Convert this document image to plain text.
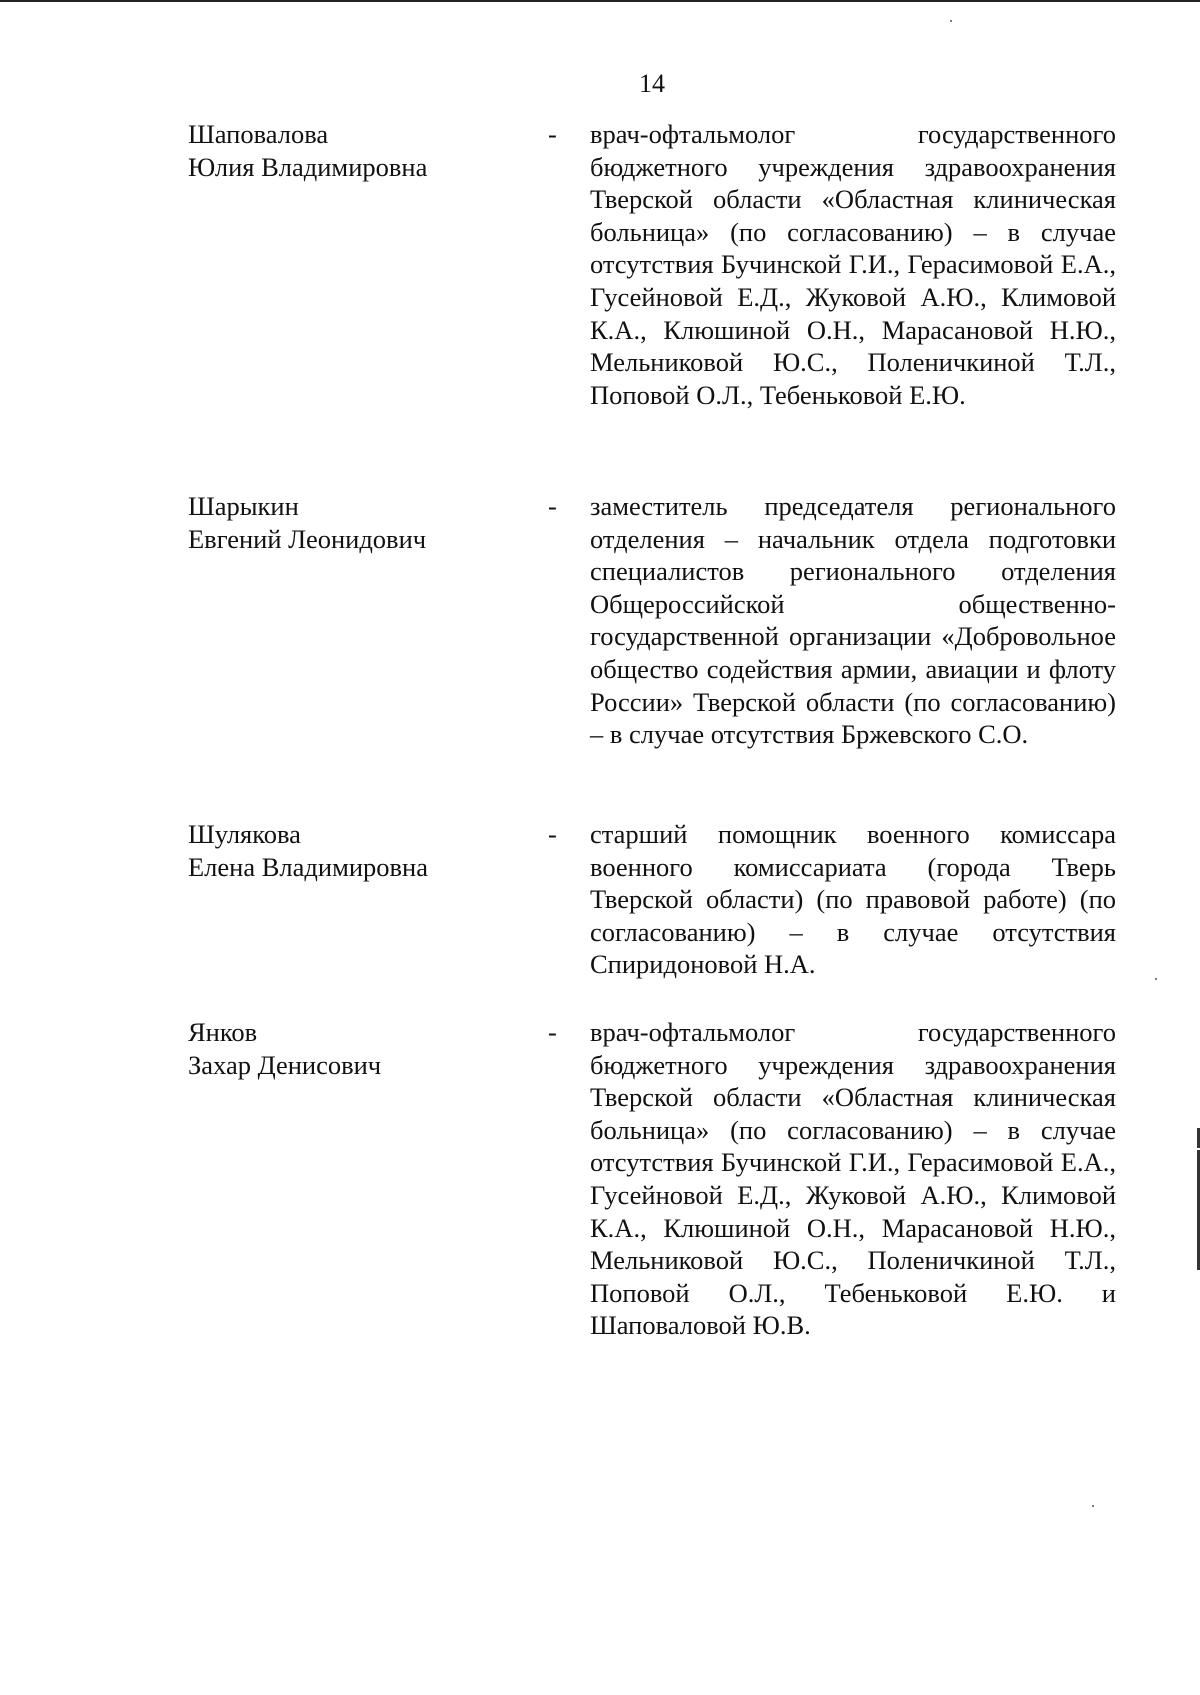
14
Шаповалова
Юлия Владимировна
- врач-офтальмолог государственного бюджетного учреждения здравоохранения Тверской области «Областная клиническая больница» (по согласованию) – в случае отсутствия Бучинской Г.И., Герасимовой Е.А., Гусейновой Е.Д., Жуковой А.Ю., Климовой К.А., Клюшиной О.Н., Марасановой Н.Ю., Мельниковой Ю.С., Поленичкиной Т.Л., Поповой О.Л., Тебеньковой Е.Ю.
Шарыкин
Евгений Леонидович
- заместитель председателя регионального отделения – начальник отдела подготовки специалистов регионального отделения Общероссийской общественно-государственной организации «Добровольное общество содействия армии, авиации и флоту России» Тверской области (по согласованию) – в случае отсутствия Бржевского С.О.
Шулякова
Елена Владимировна
- старший помощник военного комиссара военного комиссариата (города Тверь Тверской области) (по правовой работе) (по согласованию) – в случае отсутствия Спиридоновой Н.А.
Янков
Захар Денисович
- врач-офтальмолог государственного бюджетного учреждения здравоохранения Тверской области «Областная клиническая больница» (по согласованию) – в случае отсутствия Бучинской Г.И., Герасимовой Е.А., Гусейновой Е.Д., Жуковой А.Ю., Климовой К.А., Клюшиной О.Н., Марасановой Н.Ю., Мельниковой Ю.С., Поленичкиной Т.Л., Поповой О.Л., Тебеньковой Е.Ю. и Шаповаловой Ю.В.
